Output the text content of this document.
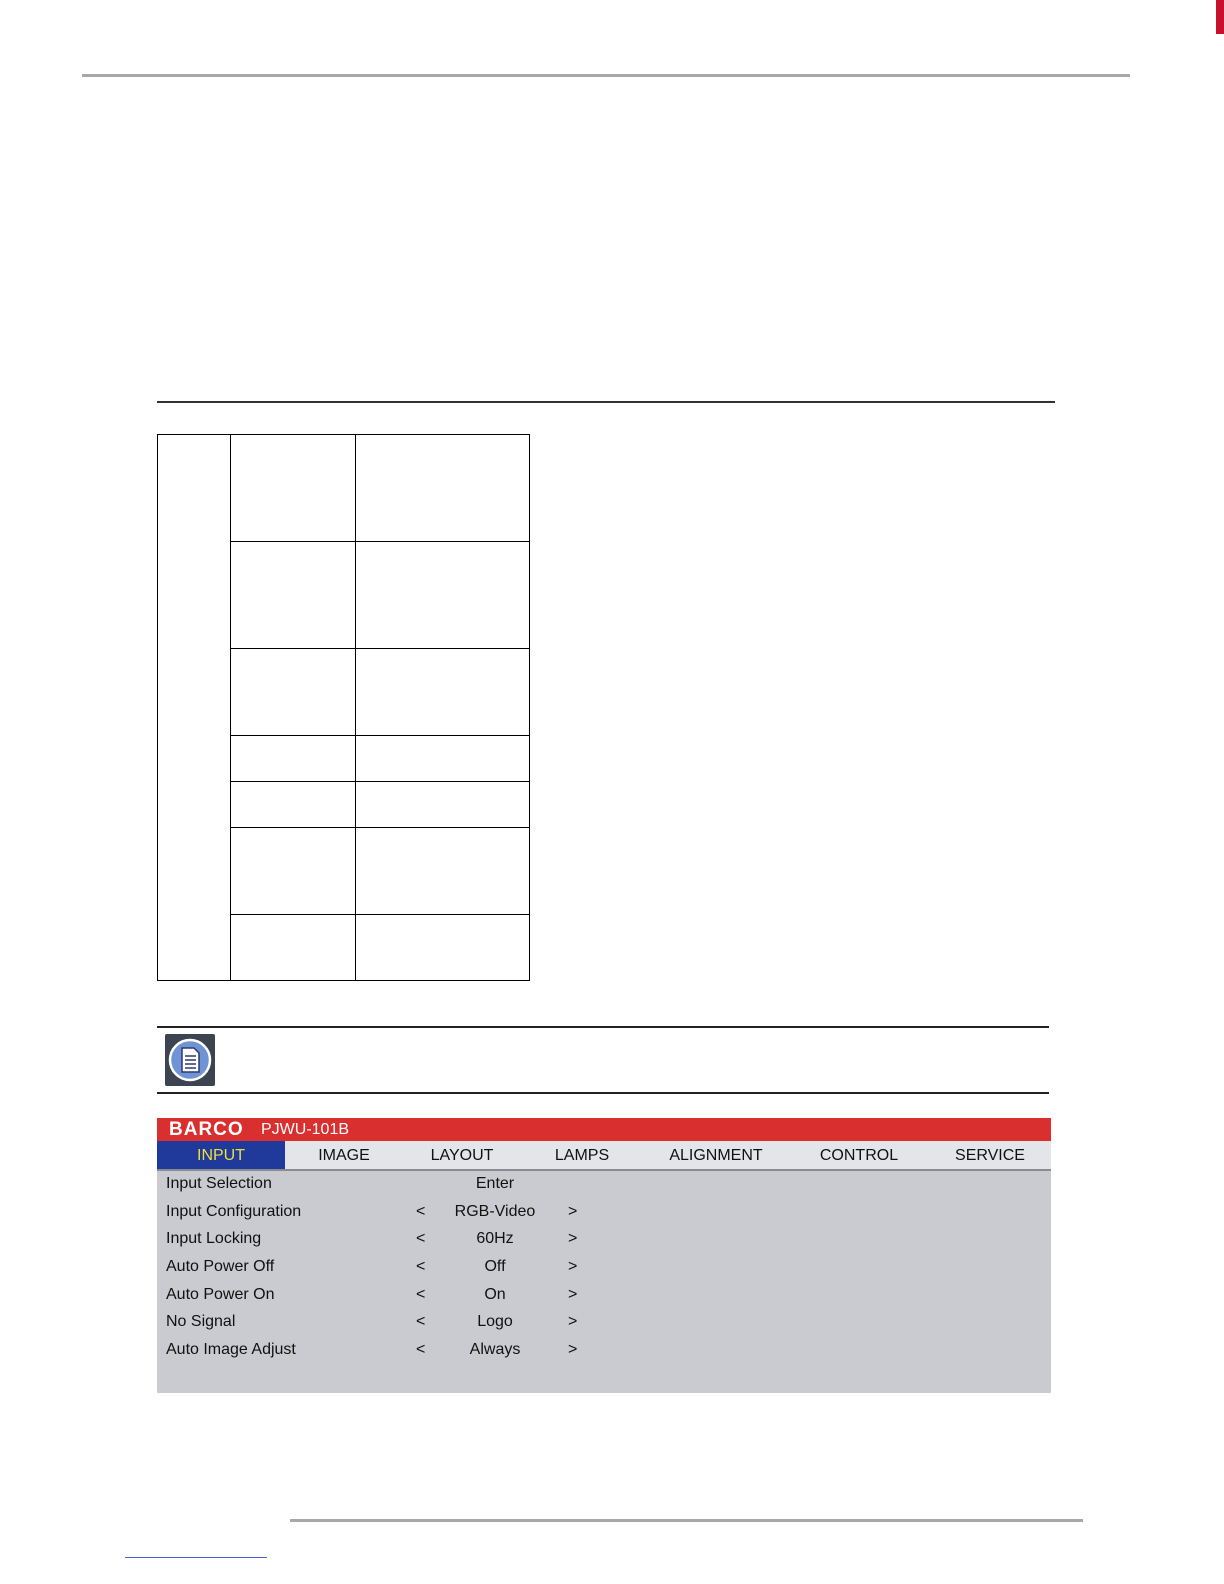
BARCO PJWU-101B
INPUT	IMAGE	LAYOUT	LAMPS	ALIGNMENT	CONTROL	SERVICE
Input Selection	Enter
Input Configuration	<	RGB-Video	>
Input Locking	<	60Hz	>
Auto Power Off	<	Off	>
Auto Power On	<	On	>
No Signal	<	Logo	>
Auto Image Adjust	<	Always	>
